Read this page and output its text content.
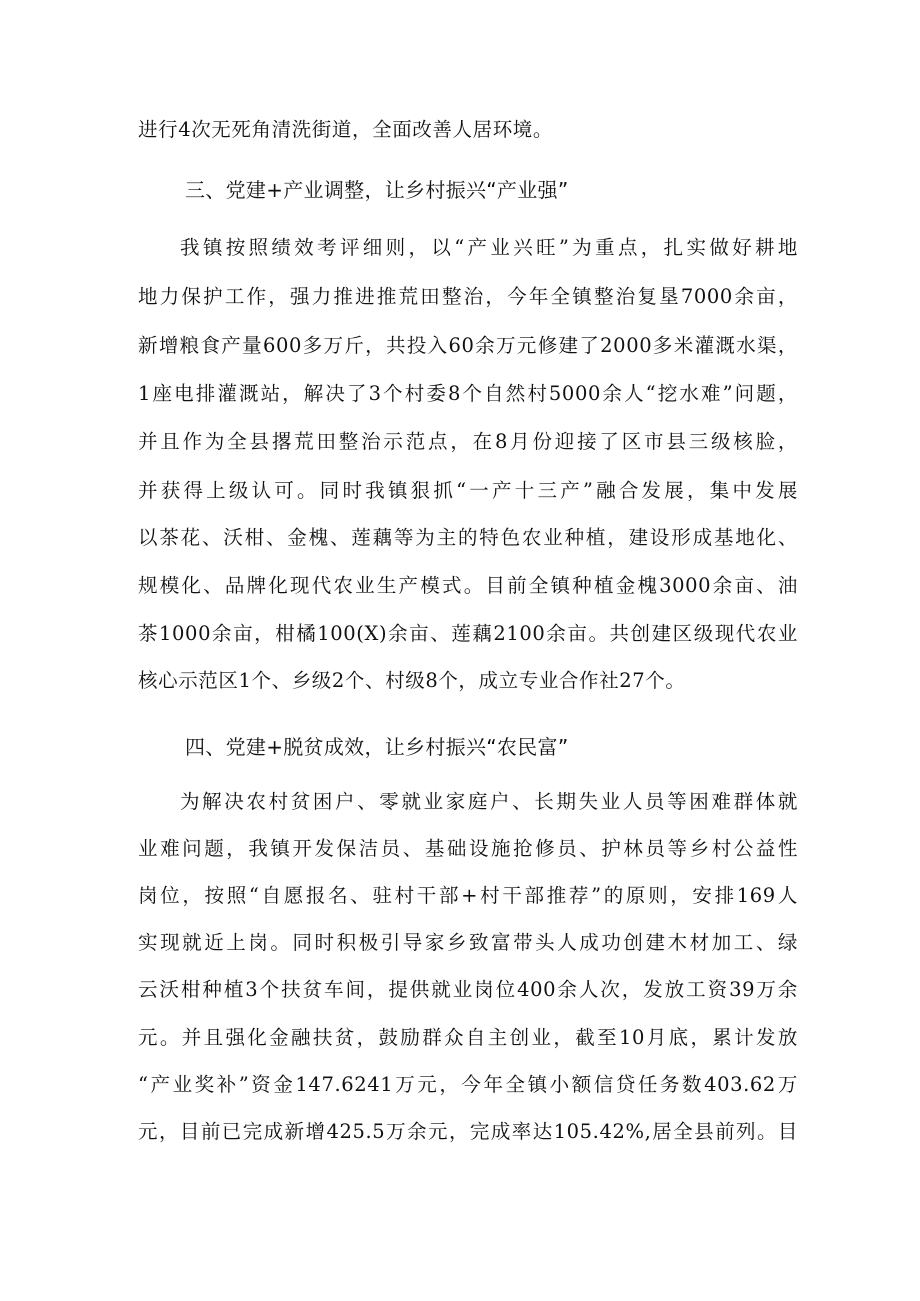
进行4次无死角清洗街道，全面改善人居环境。
三、党建+产业调整，让乡村振兴“产业强”
我镇按照绩效考评细则，以“产业兴旺”为重点，扎实做好耕地
地力保护工作，强力推进推荒田整治，今年全镇整治复垦7000余亩，
新增粮食产量600多万斤，共投入60余万元修建了2000多米灌溉水渠，
1座电排灌溉站，解决了3个村委8个自然村5000余人“挖水难”问题，
并且作为全县撂荒田整治示范点，在8月份迎接了区市县三级核脸，
并获得上级认可。同时我镇狠抓“一产十三产”融合发展，集中发展
以茶花、沃柑、金槐、莲藕等为主的特色农业种植，建设形成基地化、
规模化、品牌化现代农业生产模式。目前全镇种植金槐3000余亩、油
茶1000余亩，柑橘100(X)余亩、莲藕2100余亩。共创建区级现代农业
核心示范区1个、乡级2个、村级8个，成立专业合作社27个。
四、党建+脱贫成效，让乡村振兴“农民富”
为解决农村贫困户、零就业家庭户、长期失业人员等困难群体就
业难问题，我镇开发保洁员、基础设施抢修员、护林员等乡村公益性
岗位，按照“自愿报名、驻村干部+村干部推荐”的原则，安排169人
实现就近上岗。同时积极引导家乡致富带头人成功创建木材加工、绿
云沃柑种植3个扶贫车间，提供就业岗位400余人次，发放工资39万余
元。并且强化金融扶贫，鼓励群众自主创业，截至10月底，累计发放
“产业奖补”资金147.6241万元，今年全镇小额信贷任务数403.62万
元，目前已完成新增425.5万余元，完成率达105.42%,居全县前列。目
